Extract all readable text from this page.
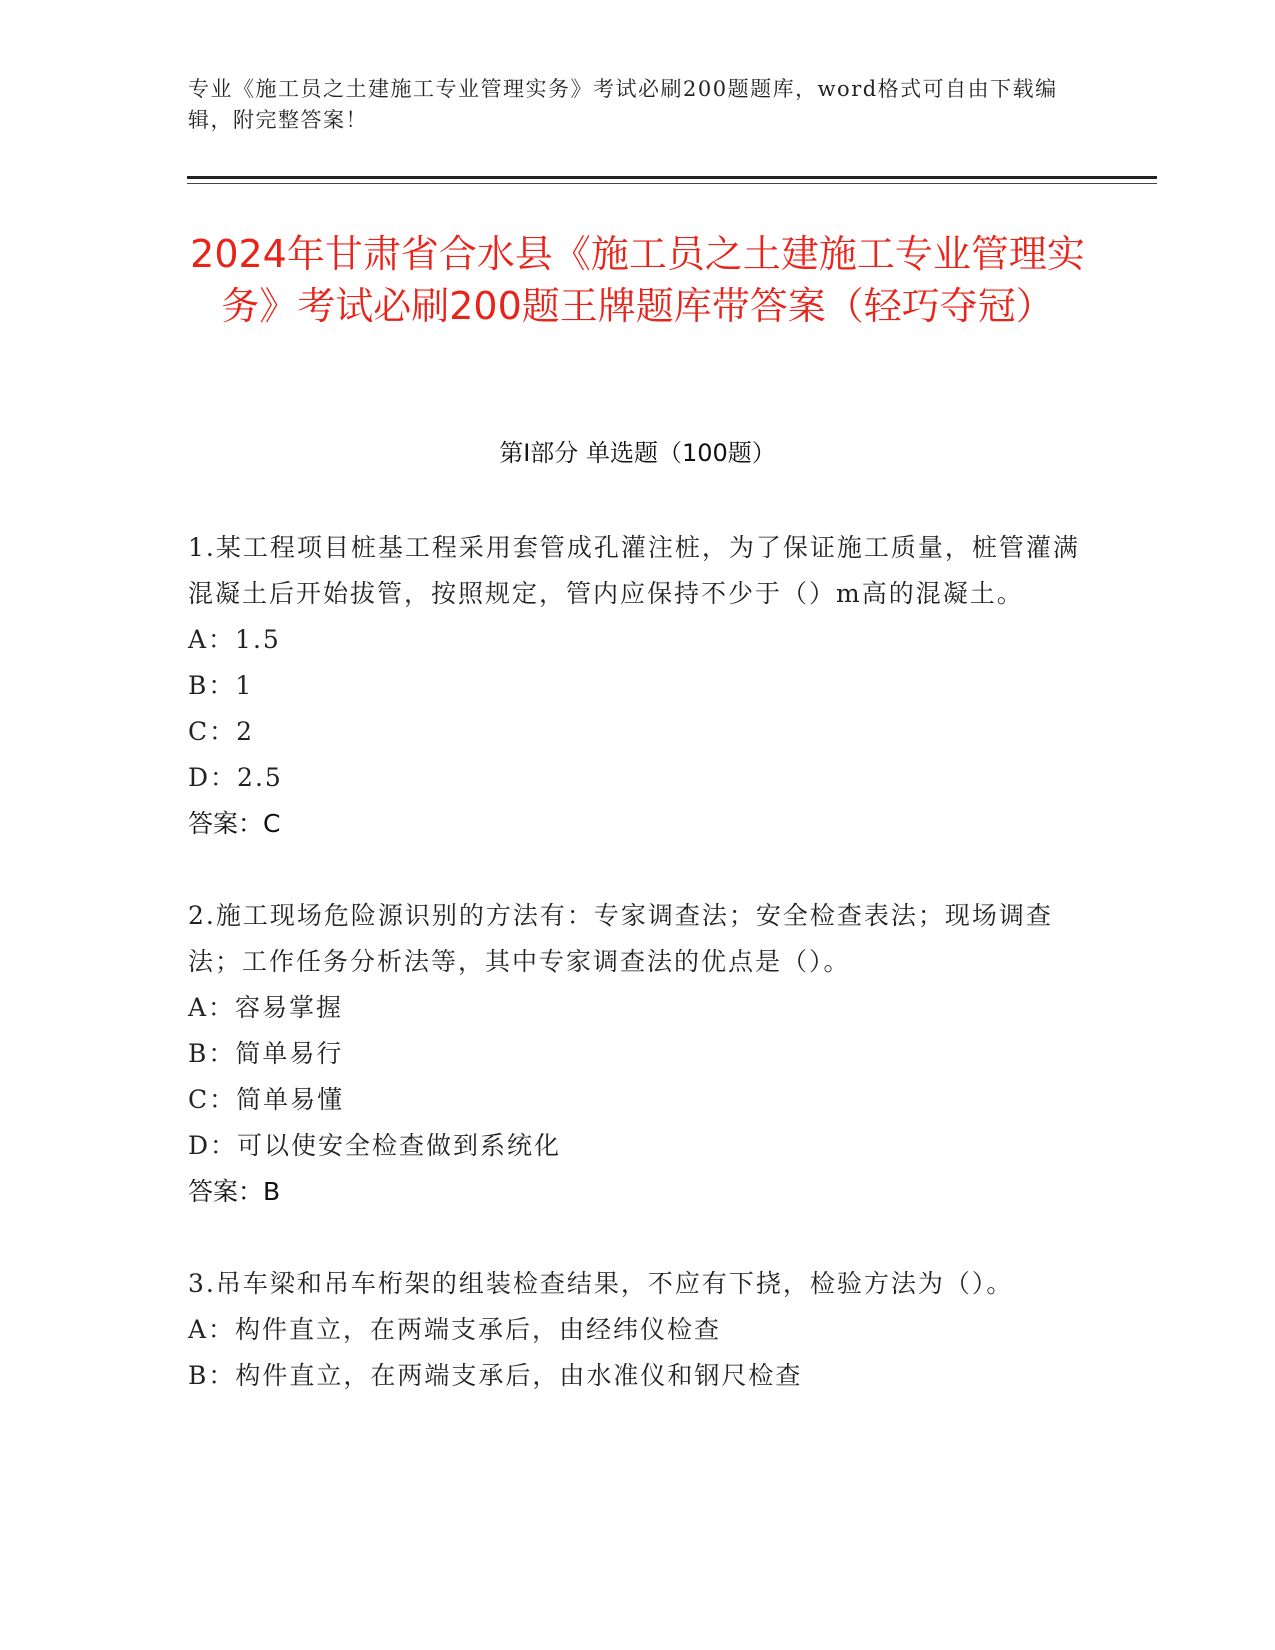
专业《施工员之土建施工专业管理实务》考试必刷200题题库，word格式可自由下载编辑，附完整答案！
2024年甘肃省合水县《施工员之土建施工专业管理实务》考试必刷200题王牌题库带答案（轻巧夺冠）
第I部分 单选题（100题）

1.某工程项目桩基工程采用套管成孔灌注桩，为了保证施工质量，桩管灌满混凝土后开始拔管，按照规定，管内应保持不少于（）m高的混凝土。

A：1.5
B：1
C：2
D：2.5
答案：C

2.施工现场危险源识别的方法有：专家调查法；安全检查表法；现场调查法；工作任务分析法等，其中专家调查法的优点是（）。

A：容易掌握
B：简单易行
C：简单易懂
D：可以使安全检查做到系统化
答案：B

3.吊车梁和吊车桁架的组装检查结果，不应有下挠，检验方法为（）。

A：构件直立，在两端支承后，由经纬仪检查
B：构件直立，在两端支承后，由水准仪和钢尺检查
